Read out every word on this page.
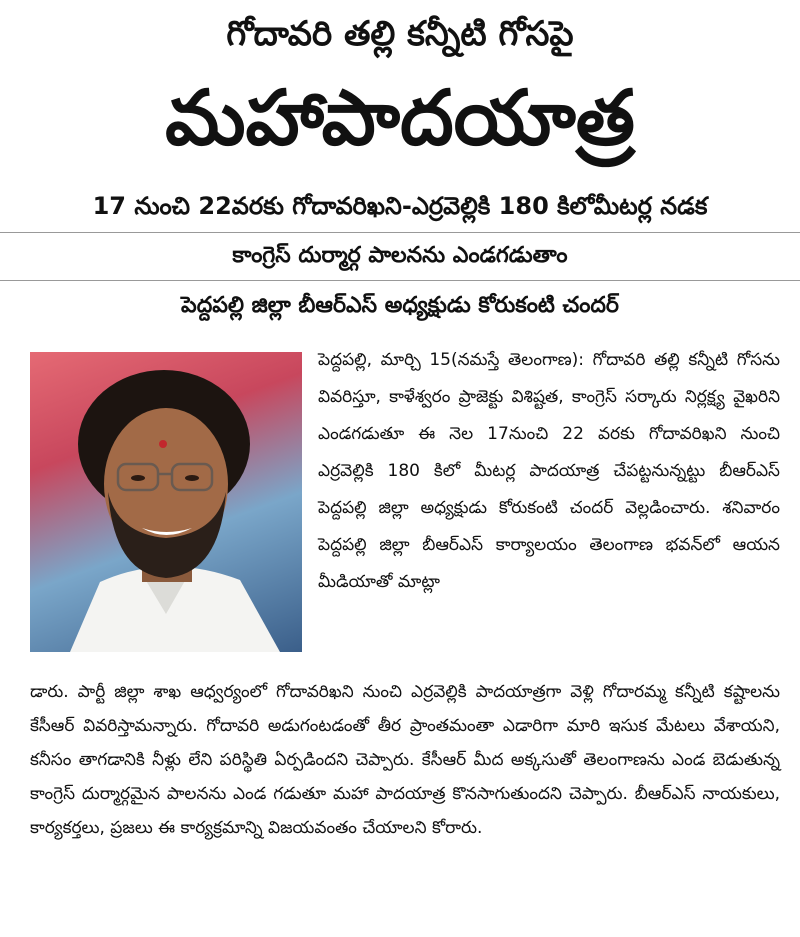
గోదావరి తల్లి కన్నీటి గోసపై
మహాపాదయాత్ర
17 నుంచి 22వరకు గోదావరిఖని-ఎర్రవెల్లికి 180 కిలోమీటర్ల నడక
కాంగ్రెస్ దుర్మార్గ పాలనను ఎండగడుతాం
పెద్దపల్లి జిల్లా బీఆర్ఎస్ అధ్యక్షుడు కోరుకంటి చందర్

పెద్దపల్లి, మార్చి 15(నమస్తే తెలంగాణ): గోదావరి తల్లి కన్నీటి గోసను వివరిస్తూ, కాళేశ్వరం ప్రాజెక్టు విశిష్టత, కాంగ్రెస్ సర్కారు నిర్లక్ష్య వైఖరిని ఎండగడుతూ ఈ నెల 17నుంచి 22 వరకు గోదావరిఖని నుంచి ఎర్రవెల్లికి 180 కిలో మీటర్ల పాదయాత్ర చేపట్టనున్నట్టు బీఆర్ఎస్ పెద్దపల్లి జిల్లా అధ్యక్షుడు కోరుకంటి చందర్ వెల్లడించారు. శనివారం పెద్దపల్లి జిల్లా బీఆర్ఎస్ కార్యాలయం తెలంగాణ భవన్‌లో ఆయన మీడియాతో మాట్లా

డారు. పార్టీ జిల్లా శాఖ ఆధ్వర్యంలో గోదావరిఖని నుంచి ఎర్రవెల్లికి పాదయాత్రగా వెళ్లి గోదారమ్మ కన్నీటి కష్టాలను కేసీఆర్ వివరిస్తామన్నారు. గోదావరి అడుగంటడంతో తీర ప్రాంతమంతా ఎడారిగా మారి ఇసుక మేటలు వేశాయని, కనీసం తాగడానికి నీళ్లు లేని పరిస్థితి ఏర్పడిందని చెప్పారు. కేసీఆర్ మీద అక్కసుతో తెలంగాణను ఎండ బెడుతున్న కాంగ్రెస్ దుర్మార్గమైన పాలనను ఎండ గడుతూ మహా పాదయాత్ర కొనసాగుతుందని చెప్పారు. బీఆర్ఎస్ నాయకులు, కార్యకర్తలు, ప్రజలు ఈ కార్యక్రమాన్ని విజయవంతం చేయాలని కోరారు.
